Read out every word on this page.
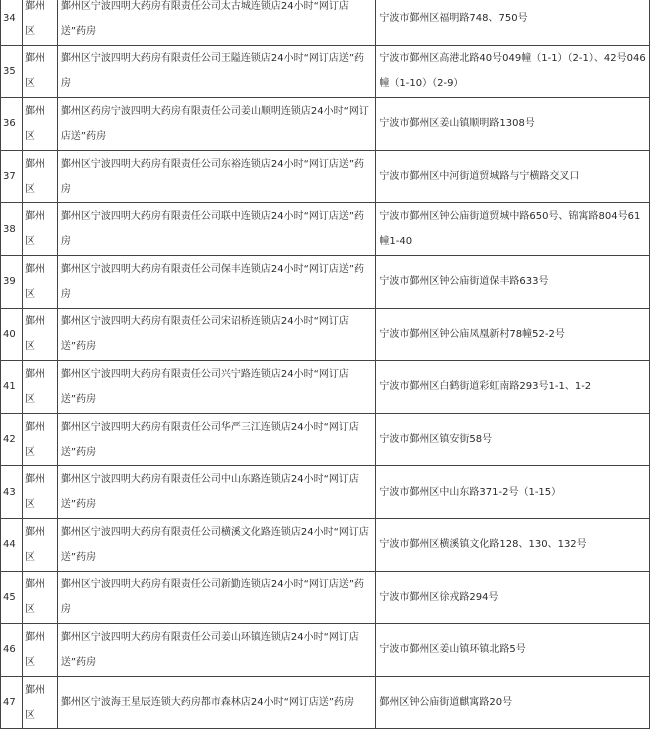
34	鄞州区	鄞州区宁波四明大药房有限责任公司太古城连锁店24小时“网订店送”药房	宁波市鄞州区福明路748、750号
35	鄞州区	鄞州区宁波四明大药房有限责任公司王隘连锁店24小时“网订店送”药房	宁波市鄞州区高港北路40号049幢（1-1）（2-1）、42号046幢（1-10）（2-9）
36	鄞州区	鄞州区药房宁波四明大药房有限责任公司姜山顺明连锁店24小时“网订店送”药房	宁波市鄞州区姜山镇顺明路1308号
37	鄞州区	鄞州区宁波四明大药房有限责任公司东裕连锁店24小时“网订店送”药房	宁波市鄞州区中河街道贸城路与宁横路交叉口
38	鄞州区	鄞州区宁波四明大药房有限责任公司联中连锁店24小时“网订店送”药房	宁波市鄞州区钟公庙街道贸城中路650号、锦寓路804号61幢1-40
39	鄞州区	鄞州区宁波四明大药房有限责任公司保丰连锁店24小时“网订店送”药房	宁波市鄞州区钟公庙街道保丰路633号
40	鄞州区	鄞州区宁波四明大药房有限责任公司宋诏桥连锁店24小时“网订店送”药房	宁波市鄞州区钟公庙凤凰新村78幢52-2号
41	鄞州区	鄞州区宁波四明大药房有限责任公司兴宁路连锁店24小时“网订店送”药房	宁波市鄞州区白鹤街道彩虹南路293号1-1、1-2
42	鄞州区	鄞州区宁波四明大药房有限责任公司华严三江连锁店24小时“网订店送”药房	宁波市鄞州区镇安街58号
43	鄞州区	鄞州区宁波四明大药房有限责任公司中山东路连锁店24小时“网订店送”药房	宁波市鄞州区中山东路371-2号（1-15）
44	鄞州区	鄞州区宁波四明大药房有限责任公司横溪文化路连锁店24小时“网订店送”药房	宁波市鄞州区横溪镇文化路128、130、132号
45	鄞州区	鄞州区宁波四明大药房有限责任公司新勤连锁店24小时“网订店送”药房	宁波市鄞州区徐戎路294号
46	鄞州区	鄞州区宁波四明大药房有限责任公司姜山环镇连锁店24小时“网订店送”药房	宁波市鄞州区姜山镇环镇北路5号
47	鄞州区	鄞州区宁波海王星辰连锁大药房都市森林店24小时“网订店送”药房	鄞州区钟公庙街道麒寓路20号
